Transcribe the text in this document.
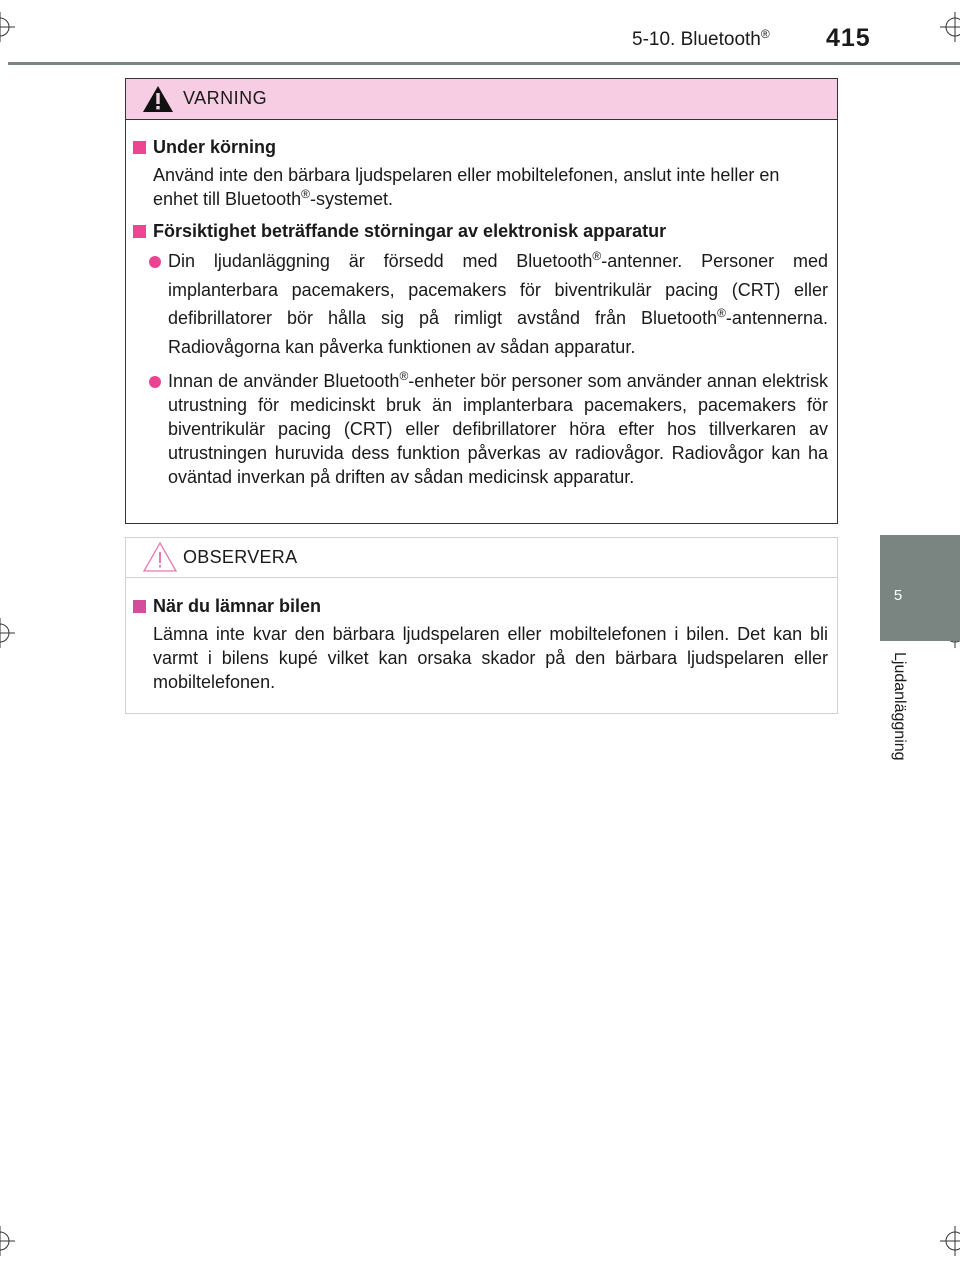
5-10. Bluetooth® 415
5
Ljudanläggning
VARNING
Under körning
Använd inte den bärbara ljudspelaren eller mobiltelefonen, anslut inte heller en enhet till Bluetooth®-systemet.
Försiktighet beträffande störningar av elektronisk apparatur
Din ljudanläggning är försedd med Bluetooth®-antenner. Personer med implanterbara pacemakers, pacemakers för biventrikulär pacing (CRT) eller defibrillatorer bör hålla sig på rimligt avstånd från Bluetooth®-antennerna. Radiovågorna kan påverka funktionen av sådan apparatur.
Innan de använder Bluetooth®-enheter bör personer som använder annan elektrisk utrustning för medicinskt bruk än implanterbara pacemakers, pacemakers för biventrikulär pacing (CRT) eller defibrillatorer höra efter hos tillverkaren av utrustningen huruvida dess funktion påverkas av radiovågor. Radiovågor kan ha oväntad inverkan på driften av sådan medicinsk apparatur.
OBSERVERA
När du lämnar bilen
Lämna inte kvar den bärbara ljudspelaren eller mobiltelefonen i bilen. Det kan bli varmt i bilens kupé vilket kan orsaka skador på den bärbara ljudspelaren eller mobiltelefonen.
